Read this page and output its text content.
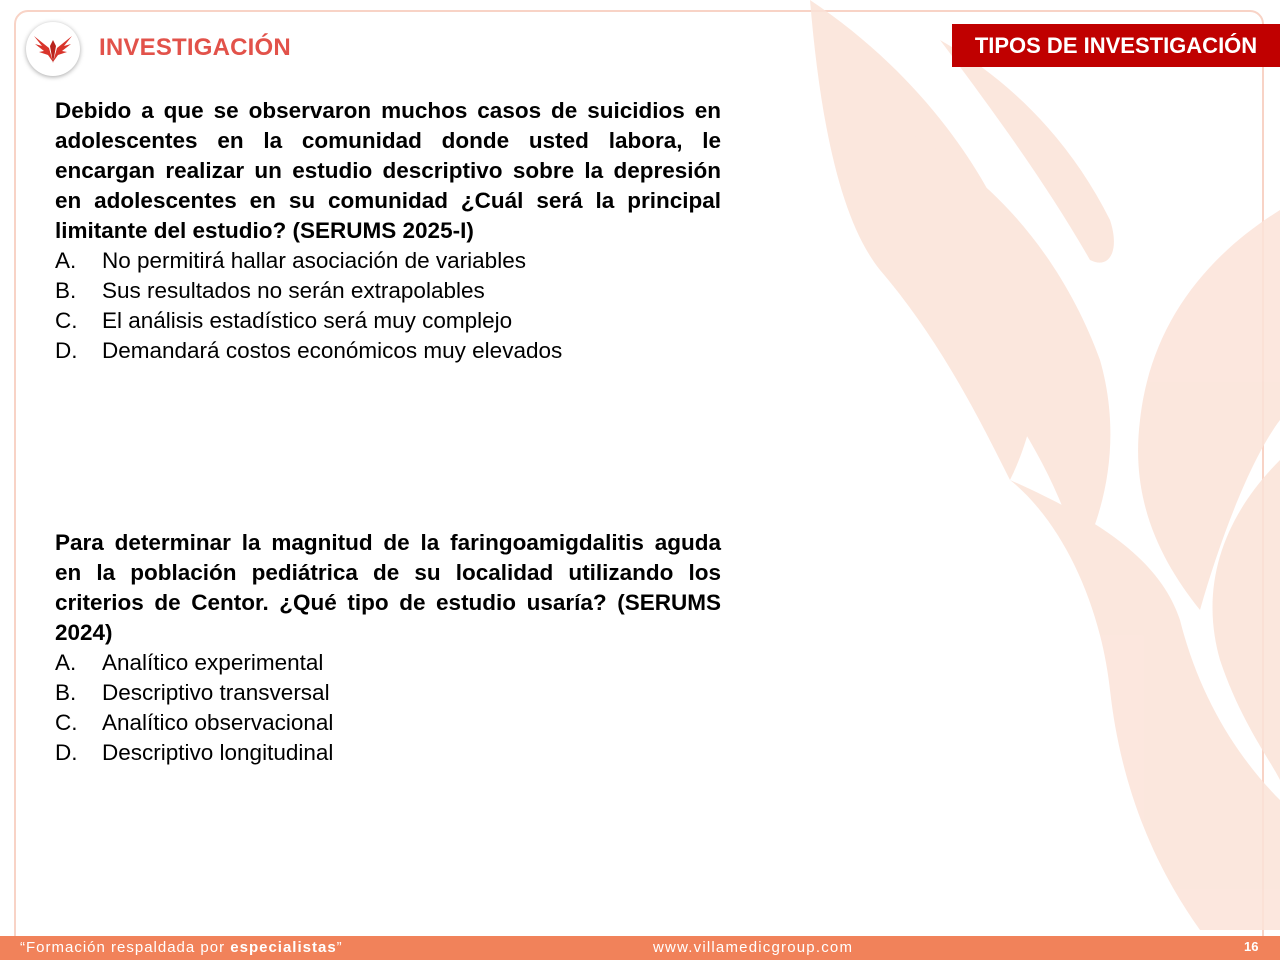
INVESTIGACIÓN	TIPOS DE INVESTIGACIÓN

Debido a que se observaron muchos casos de suicidios en adolescentes en la comunidad donde usted labora, le encargan realizar un estudio descriptivo sobre la depresión en adolescentes en su comunidad ¿Cuál será la principal limitante del estudio? (SERUMS 2025-I)

A.	No permitirá hallar asociación de variables
B.	Sus resultados no serán extrapolables
C.	El análisis estadístico será muy complejo
D.	Demandará costos económicos muy elevados

Para determinar la magnitud de la faringoamigdalitis aguda en la población pediátrica de su localidad utilizando los criterios de Centor. ¿Qué tipo de estudio usaría? (SERUMS 2024)

A.	Analítico experimental
B.	Descriptivo transversal
C.	Analítico observacional
D.	Descriptivo longitudinal
“Formación respaldada por especialistas”	www.villamedicgroup.com	16
